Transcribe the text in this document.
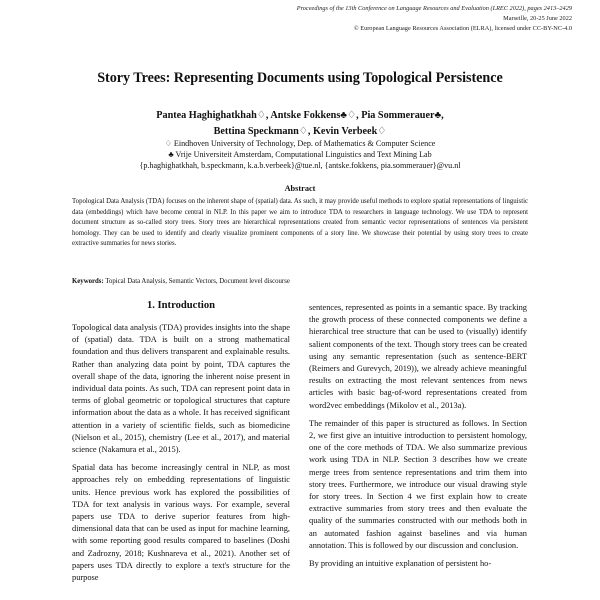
Proceedings of the 13th Conference on Language Resources and Evaluation (LREC 2022), pages 2413–2429
Marseille, 20-25 June 2022
© European Language Resources Association (ELRA), licensed under CC-BY-NC-4.0
Story Trees: Representing Documents using Topological Persistence
Pantea Haghighatkhah♢, Antske Fokkens♣♢, Pia Sommerauer♣,
Bettina Speckmann♢, Kevin Verbeek♢
♢ Eindhoven University of Technology, Dep. of Mathematics & Computer Science
♣ Vrije Universiteit Amsterdam, Computational Linguistics and Text Mining Lab
{p.haghighatkhah, b.speckmann, k.a.b.verbeek}@tue.nl, {antske.fokkens, pia.sommerauer}@vu.nl
Abstract
Topological Data Analysis (TDA) focuses on the inherent shape of (spatial) data. As such, it may provide useful methods to explore spatial representations of linguistic data (embeddings) which have become central in NLP. In this paper we aim to introduce TDA to researchers in language technology. We use TDA to represent document structure as so-called story trees. Story trees are hierarchical representations created from semantic vector representations of sentences via persistent homology. They can be used to identify and clearly visualize prominent components of a story line. We showcase their potential by using story trees to create extractive summaries for news stories.
Keywords: Topical Data Analysis, Semantic Vectors, Document level discourse
1. Introduction

Topological data analysis (TDA) provides insights into the shape of (spatial) data. TDA is built on a strong mathematical foundation and thus delivers transparent and explainable results. Rather than analyzing data point by point, TDA captures the overall shape of the data, ignoring the inherent noise present in individual data points. As such, TDA can represent point data in terms of global geometric or topological structures that capture information about the data as a whole. It has received significant attention in a variety of scientific fields, such as biomedicine (Nielson et al., 2015), chemistry (Lee et al., 2017), and material science (Nakamura et al., 2015).

Spatial data has become increasingly central in NLP, as most approaches rely on embedding representations of linguistic units. Hence previous work has explored the possibilities of TDA for text analysis in various ways. For example, several papers use TDA to derive superior features from high-dimensional data that can be used as input for machine learning, with some reporting good results compared to baselines (Doshi and Zadrozny, 2018; Kushnareva et al., 2021). Another set of papers uses TDA directly to explore a text's structure for the purpose

sentences, represented as points in a semantic space. By tracking the growth process of these connected components we define a hierarchical tree structure that can be used to (visually) identify salient components of the text. Though story trees can be created using any semantic representation (such as sentence-BERT (Reimers and Gurevych, 2019)), we already achieve meaningful results on extracting the most relevant sentences from news articles with basic bag-of-word representations created from word2vec embeddings (Mikolov et al., 2013a).

The remainder of this paper is structured as follows. In Section 2, we first give an intuitive introduction to persistent homology, one of the core methods of TDA. We also summarize previous work using TDA in NLP. Section 3 describes how we create merge trees from sentence representations and trim them into story trees. Furthermore, we introduce our visual drawing style for story trees. In Section 4 we first explain how to create extractive summaries from story trees and then evaluate the quality of the summaries constructed with our methods both in an automated fashion against baselines and via human annotation. This is followed by our discussion and conclusion.

By providing an intuitive explanation of persistent ho-
